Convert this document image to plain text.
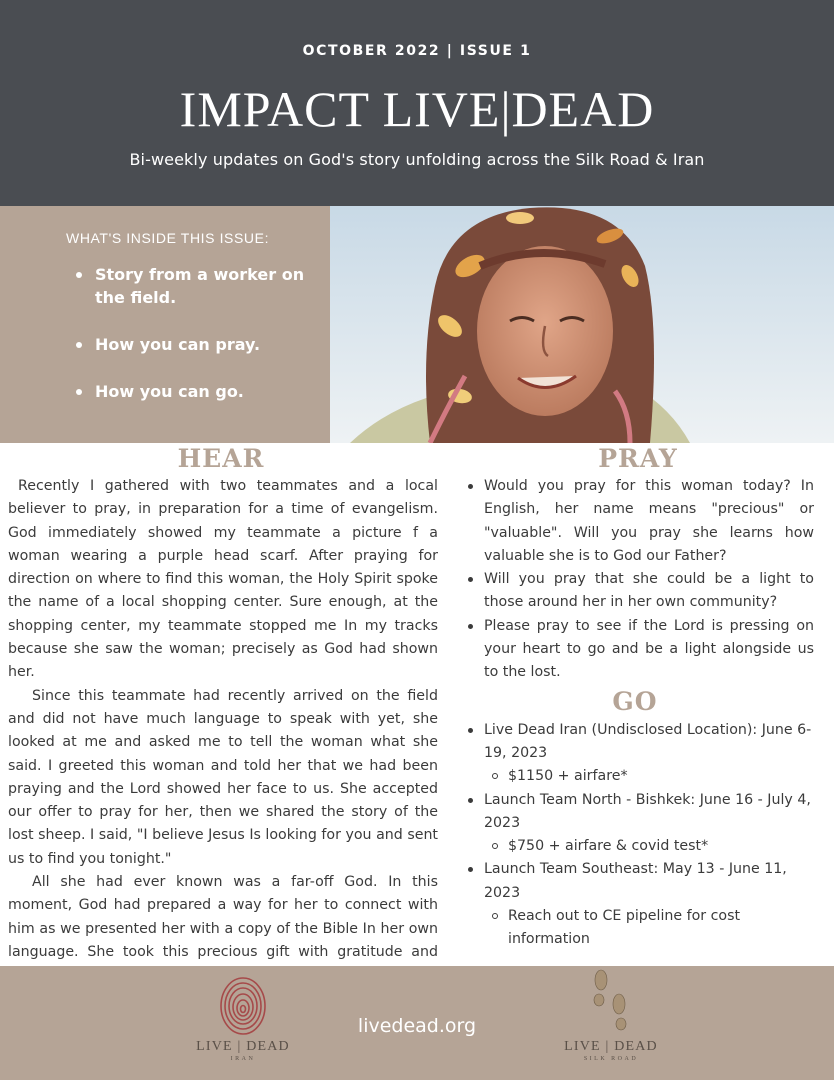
OCTOBER 2022 | ISSUE 1
IMPACT LIVE|DEAD
Bi-weekly updates on God's story unfolding across the Silk Road & Iran
WHAT'S INSIDE THIS ISSUE:
Story from a worker on the field.
How you can pray.
How you can go.
HEAR

Recently I gathered with two teammates and a local believer to pray, in preparation for a time of evangelism. God immediately showed my teammate a picture f a woman wearing a purple head scarf. After praying for direction on where to find this woman, the Holy Spirit spoke the name of a local shopping center. Sure enough, at the shopping center, my teammate stopped me In my tracks because she saw the woman; precisely as God had shown her.

Since this teammate had recently arrived on the field and did not have much language to speak with yet, she looked at me and asked me to tell the woman what she said. I greeted this woman and told her that we had been praying and the Lord showed her face to us. She accepted our offer to pray for her, then we shared the story of the lost sheep. I said, "I believe Jesus Is looking for you and sent us to find you tonight."

All she had ever known was a far-off God. In this moment, God had prepared a way for her to connect with him as we presented her with a copy of the Bible In her own language. She took this precious gift with gratitude and

PRAY
Would you pray for this woman today? In English, her name means "precious" or "valuable". Will you pray she learns how valuable she is to God our Father?
Will you pray that she could be a light to those around her in her own community?
Please pray to see if the Lord is pressing on your heart to go and be a light alongside us to the lost.
GO
Live Dead Iran (Undisclosed Location): June 6-19, 2023
$1150 + airfare*
Launch Team North - Bishkek: June 16 - July 4, 2023
$750 + airfare & covid test*
Launch Team Southeast: May 13 - June 11, 2023
Reach out to CE pipeline for cost information
LIVE | DEAD
IRAN
livedead.org
LIVE | DEAD
SILK ROAD
